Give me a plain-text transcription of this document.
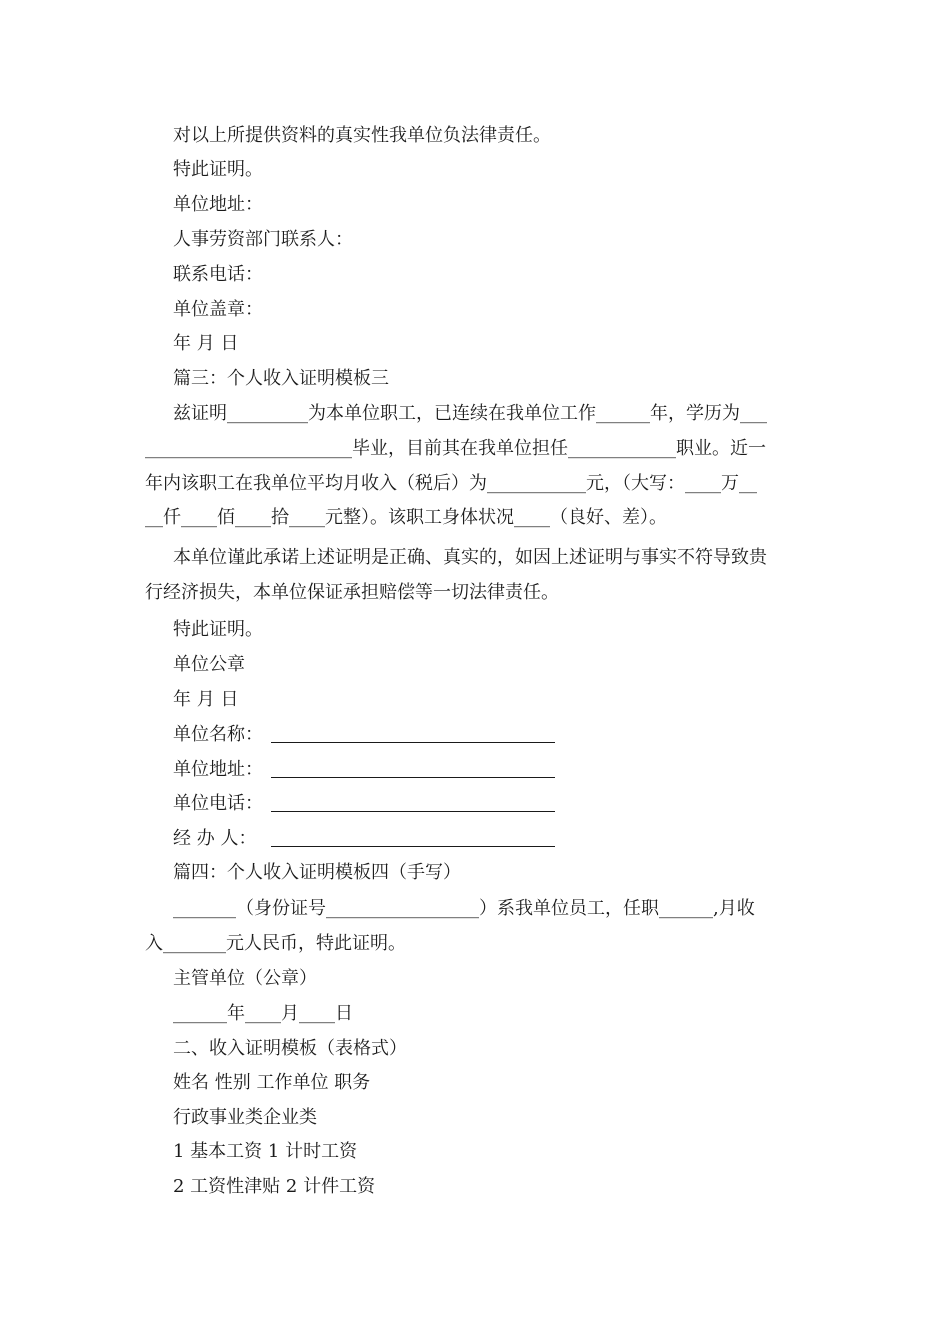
对以上所提供资料的真实性我单位负法律责任。
特此证明。
单位地址：
人事劳资部门联系人：
联系电话：
单位盖章：
年 月 日
篇三：个人收入证明模板三
兹证明_________为本单位职工，已连续在我单位工作______年，学历为___
_______________________毕业，目前其在我单位担任____________职业。近一
年内该职工在我单位平均月收入（税后）为___________元，（大写：____万__
__仟____佰____拾____元整）。该职工身体状况____（良好、差）。
本单位谨此承诺上述证明是正确、真实的，如因上述证明与事实不符导致贵
行经济损失，本单位保证承担赔偿等一切法律责任。
特此证明。
单位公章
年 月 日
单位名称：
单位地址：
单位电话：
经 办 人：
篇四：个人收入证明模板四（手写）
_______（身份证号_________________）系我单位员工，任职______,月收
入_______元人民币，特此证明。
主管单位（公章）
______年____月____日
二、收入证明模板（表格式）
姓名 性别 工作单位 职务
行政事业类企业类
1 基本工资 1 计时工资
2 工资性津贴 2 计件工资
